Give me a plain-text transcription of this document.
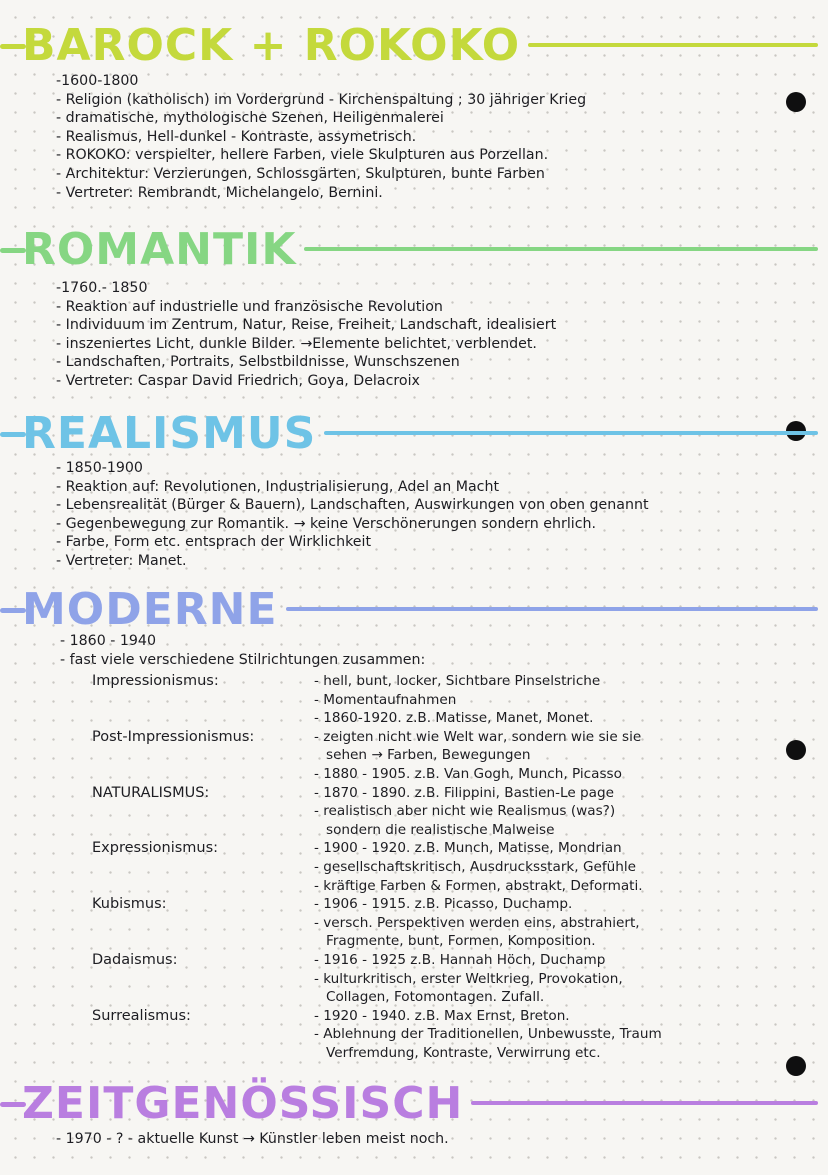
BAROCK + ROKOKO
-1600-1800
- Religion (katholisch) im Vordergrund - Kirchenspaltung ; 30 jähriger Krieg
- dramatische, mythologische Szenen, Heiligenmalerei
- Realismus, Hell-dunkel - Kontraste, assymetrisch.
- ROKOKO: verspielter, hellere Farben, viele Skulpturen aus Porzellan.
- Architektur: Verzierungen, Schlossgärten, Skulpturen, bunte Farben
- Vertreter: Rembrandt, Michelangelo, Bernini.
ROMANTIK
-1760.- 1850
- Reaktion auf industrielle und französische Revolution
- Individuum im Zentrum, Natur, Reise, Freiheit, Landschaft, idealisiert
- inszeniertes Licht, dunkle Bilder. →Elemente belichtet, verblendet.
- Landschaften, Portraits, Selbstbildnisse, Wunschszenen
- Vertreter: Caspar David Friedrich, Goya, Delacroix
REALISMUS
- 1850-1900
- Reaktion auf: Revolutionen, Industrialisierung, Adel an Macht
- Lebensrealität (Bürger & Bauern), Landschaften, Auswirkungen von oben genannt
- Gegenbewegung zur Romantik. → keine Verschönerungen sondern ehrlich.
- Farbe, Form etc. entsprach der Wirklichkeit
- Vertreter: Manet.
MODERNE
- 1860 - 1940
- fast viele verschiedene Stilrichtungen zusammen:
Impressionismus:	- hell, bunt, locker, Sichtbare Pinselstriche
- Momentaufnahmen
- 1860-1920. z.B. Matisse, Manet, Monet.
Post-Impressionismus:	- zeigten nicht wie Welt war, sondern wie sie sie
sehen → Farben, Bewegungen
- 1880 - 1905. z.B. Van Gogh, Munch, Picasso
NATURALISMUS:	- 1870 - 1890. z.B. Filippini, Bastien-Le page
- realistisch aber nicht wie Realismus (was?)
sondern die realistische Malweise
Expressionismus:	- 1900 - 1920. z.B. Munch, Matisse, Mondrian
- gesellschaftskritisch, Ausdrucksstark, Gefühle
- kräftige Farben & Formen, abstrakt, Deformati.
Kubismus:	- 1906 - 1915. z.B. Picasso, Duchamp.
- versch. Perspektiven werden eins, abstrahiert,
Fragmente, bunt, Formen, Komposition.
Dadaismus:	- 1916 - 1925 z.B. Hannah Höch, Duchamp
- kulturkritisch, erster Weltkrieg, Provokation,
Collagen, Fotomontagen. Zufall.
Surrealismus:	- 1920 - 1940. z.B. Max Ernst, Breton.
- Ablehnung der Traditionellen, Unbewusste, Traum
Verfremdung, Kontraste, Verwirrung etc.
ZEITGENÖSSISCH
- 1970 - ? - aktuelle Kunst → Künstler leben meist noch.
